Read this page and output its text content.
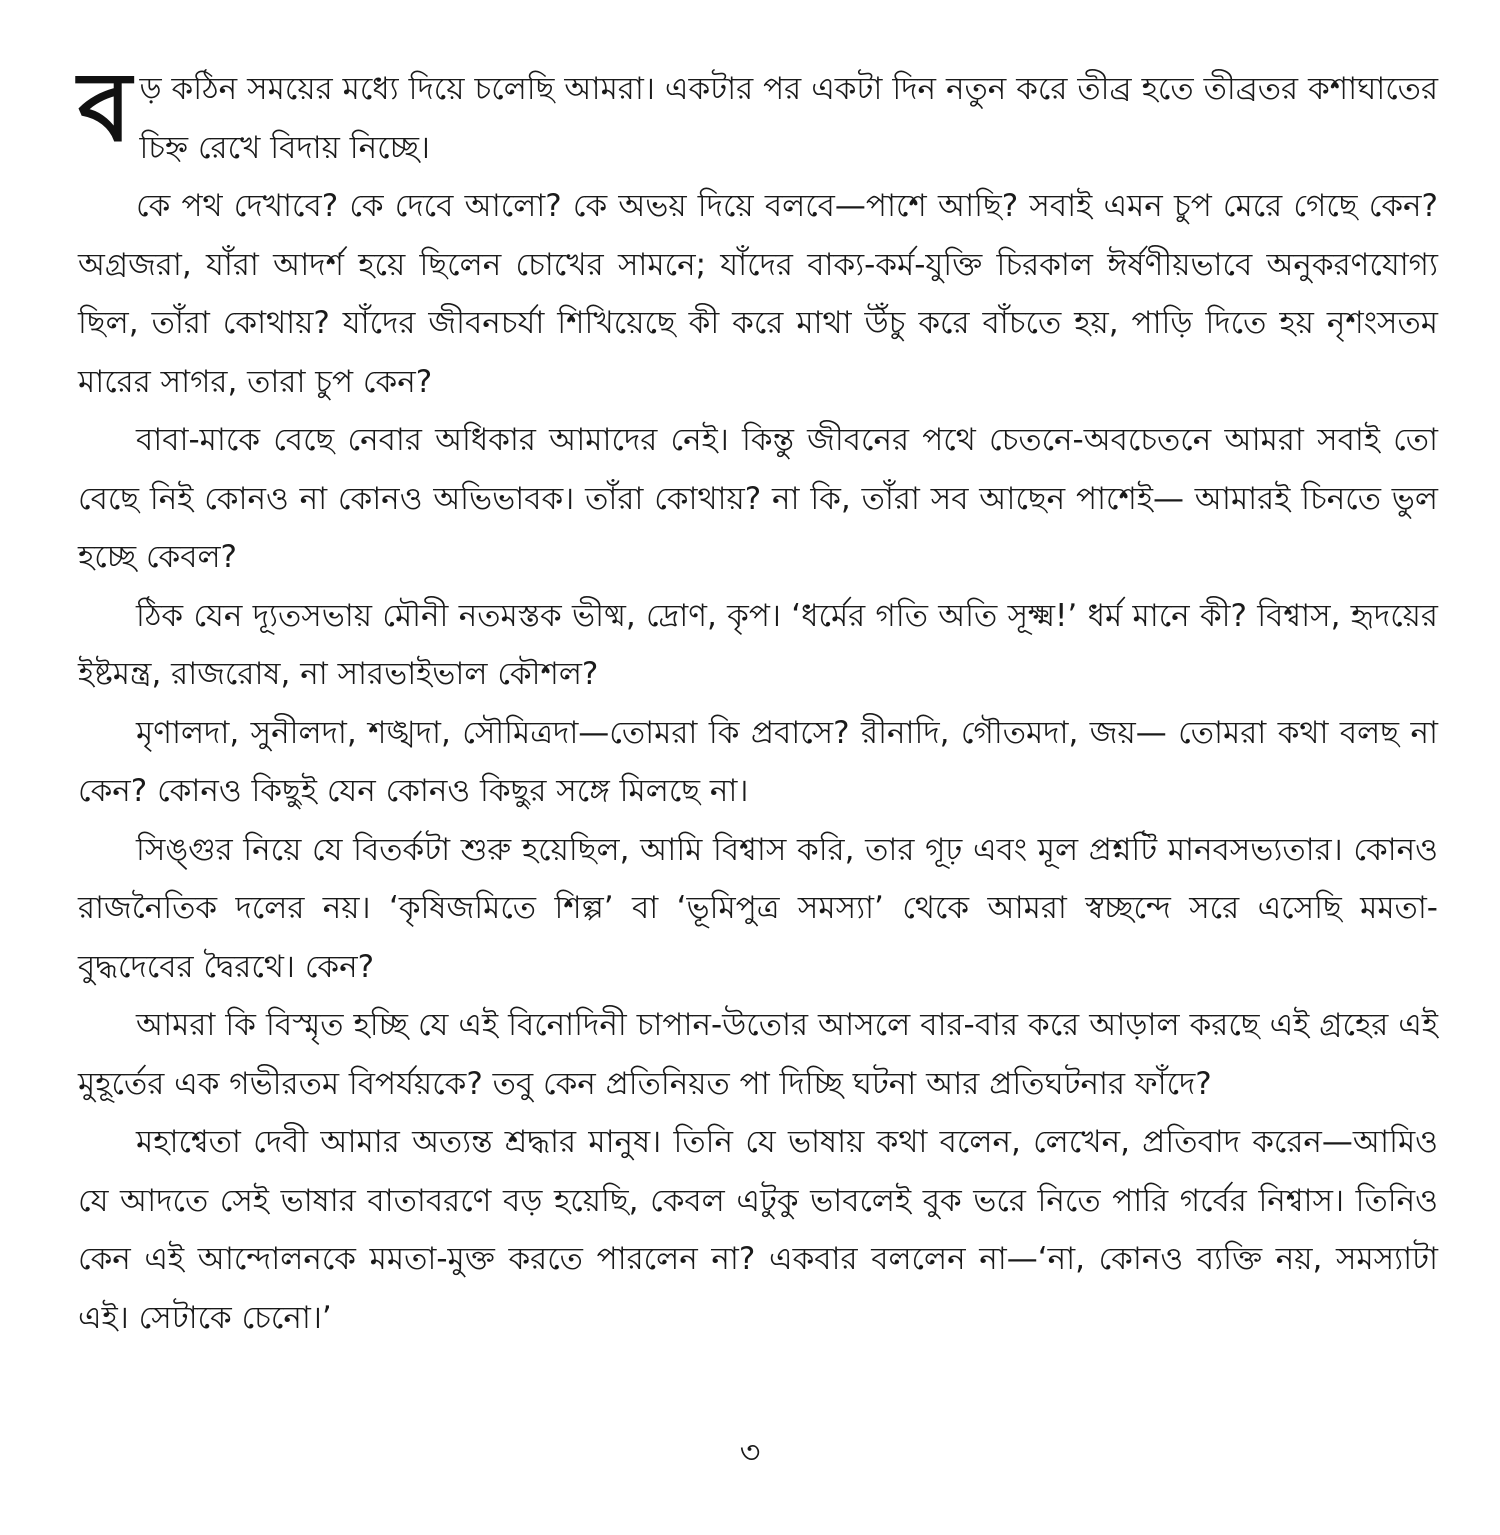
বড় কঠিন সময়ের মধ্যে দিয়ে চলেছি আমরা। একটার পর একটা দিন নতুন করে তীব্র হতে তীব্রতর কশাঘাতের চিহ্ন রেখে বিদায় নিচ্ছে।

কে পথ দেখাবে? কে দেবে আলো? কে অভয় দিয়ে বলবে—পাশে আছি? সবাই এমন চুপ মেরে গেছে কেন? অগ্রজরা, যাঁরা আদর্শ হয়ে ছিলেন চোখের সামনে; যাঁদের বাক্য-কর্ম-যুক্তি চিরকাল ঈর্ষণীয়ভাবে অনুকরণযোগ্য ছিল, তাঁরা কোথায়? যাঁদের জীবনচর্যা শিখিয়েছে কী করে মাথা উঁচু করে বাঁচতে হয়, পাড়ি দিতে হয় নৃশংসতম মারের সাগর, তারা চুপ কেন?

বাবা-মাকে বেছে নেবার অধিকার আমাদের নেই। কিন্তু জীবনের পথে চেতনে-অবচেতনে আমরা সবাই তো বেছে নিই কোনও না কোনও অভিভাবক। তাঁরা কোথায়? না কি, তাঁরা সব আছেন পাশেই— আমারই চিনতে ভুল হচ্ছে কেবল?

ঠিক যেন দ্যূতসভায় মৌনী নতমস্তক ভীষ্ম, দ্রোণ, কৃপ। ‘ধর্মের গতি অতি সূক্ষ্ম!’ ধর্ম মানে কী? বিশ্বাস, হৃদয়ের ইষ্টমন্ত্র, রাজরোষ, না সারভাইভাল কৌশল?

মৃণালদা, সুনীলদা, শঙ্খদা, সৌমিত্রদা—তোমরা কি প্রবাসে? রীনাদি, গৌতমদা, জয়— তোমরা কথা বলছ না কেন? কোনও কিছুই যেন কোনও কিছুর সঙ্গে মিলছে না।

সিঙ্গুর নিয়ে যে বিতর্কটা শুরু হয়েছিল, আমি বিশ্বাস করি, তার গূঢ় এবং মূল প্রশ্নটি মানবসভ্যতার। কোনও রাজনৈতিক দলের নয়। ‘কৃষিজমিতে শিল্প’ বা ‘ভূমিপুত্র সমস্যা’ থেকে আমরা স্বচ্ছন্দে সরে এসেছি মমতা-বুদ্ধদেবের দ্বৈরথে। কেন?

আমরা কি বিস্মৃত হচ্ছি যে এই বিনোদিনী চাপান-উতোর আসলে বার-বার করে আড়াল করছে এই গ্রহের এই মুহূর্তের এক গভীরতম বিপর্যয়কে? তবু কেন প্রতিনিয়ত পা দিচ্ছি ঘটনা আর প্রতিঘটনার ফাঁদে?

মহাশ্বেতা দেবী আমার অত্যন্ত শ্রদ্ধার মানুষ। তিনি যে ভাষায় কথা বলেন, লেখেন, প্রতিবাদ করেন—আমিও যে আদতে সেই ভাষার বাতাবরণে বড় হয়েছি, কেবল এটুকু ভাবলেই বুক ভরে নিতে পারি গর্বের নিশ্বাস। তিনিও কেন এই আন্দোলনকে মমতা-মুক্ত করতে পারলেন না? একবার বললেন না—‘না, কোনও ব্যক্তি নয়, সমস্যাটা এই। সেটাকে চেনো।’

৩
